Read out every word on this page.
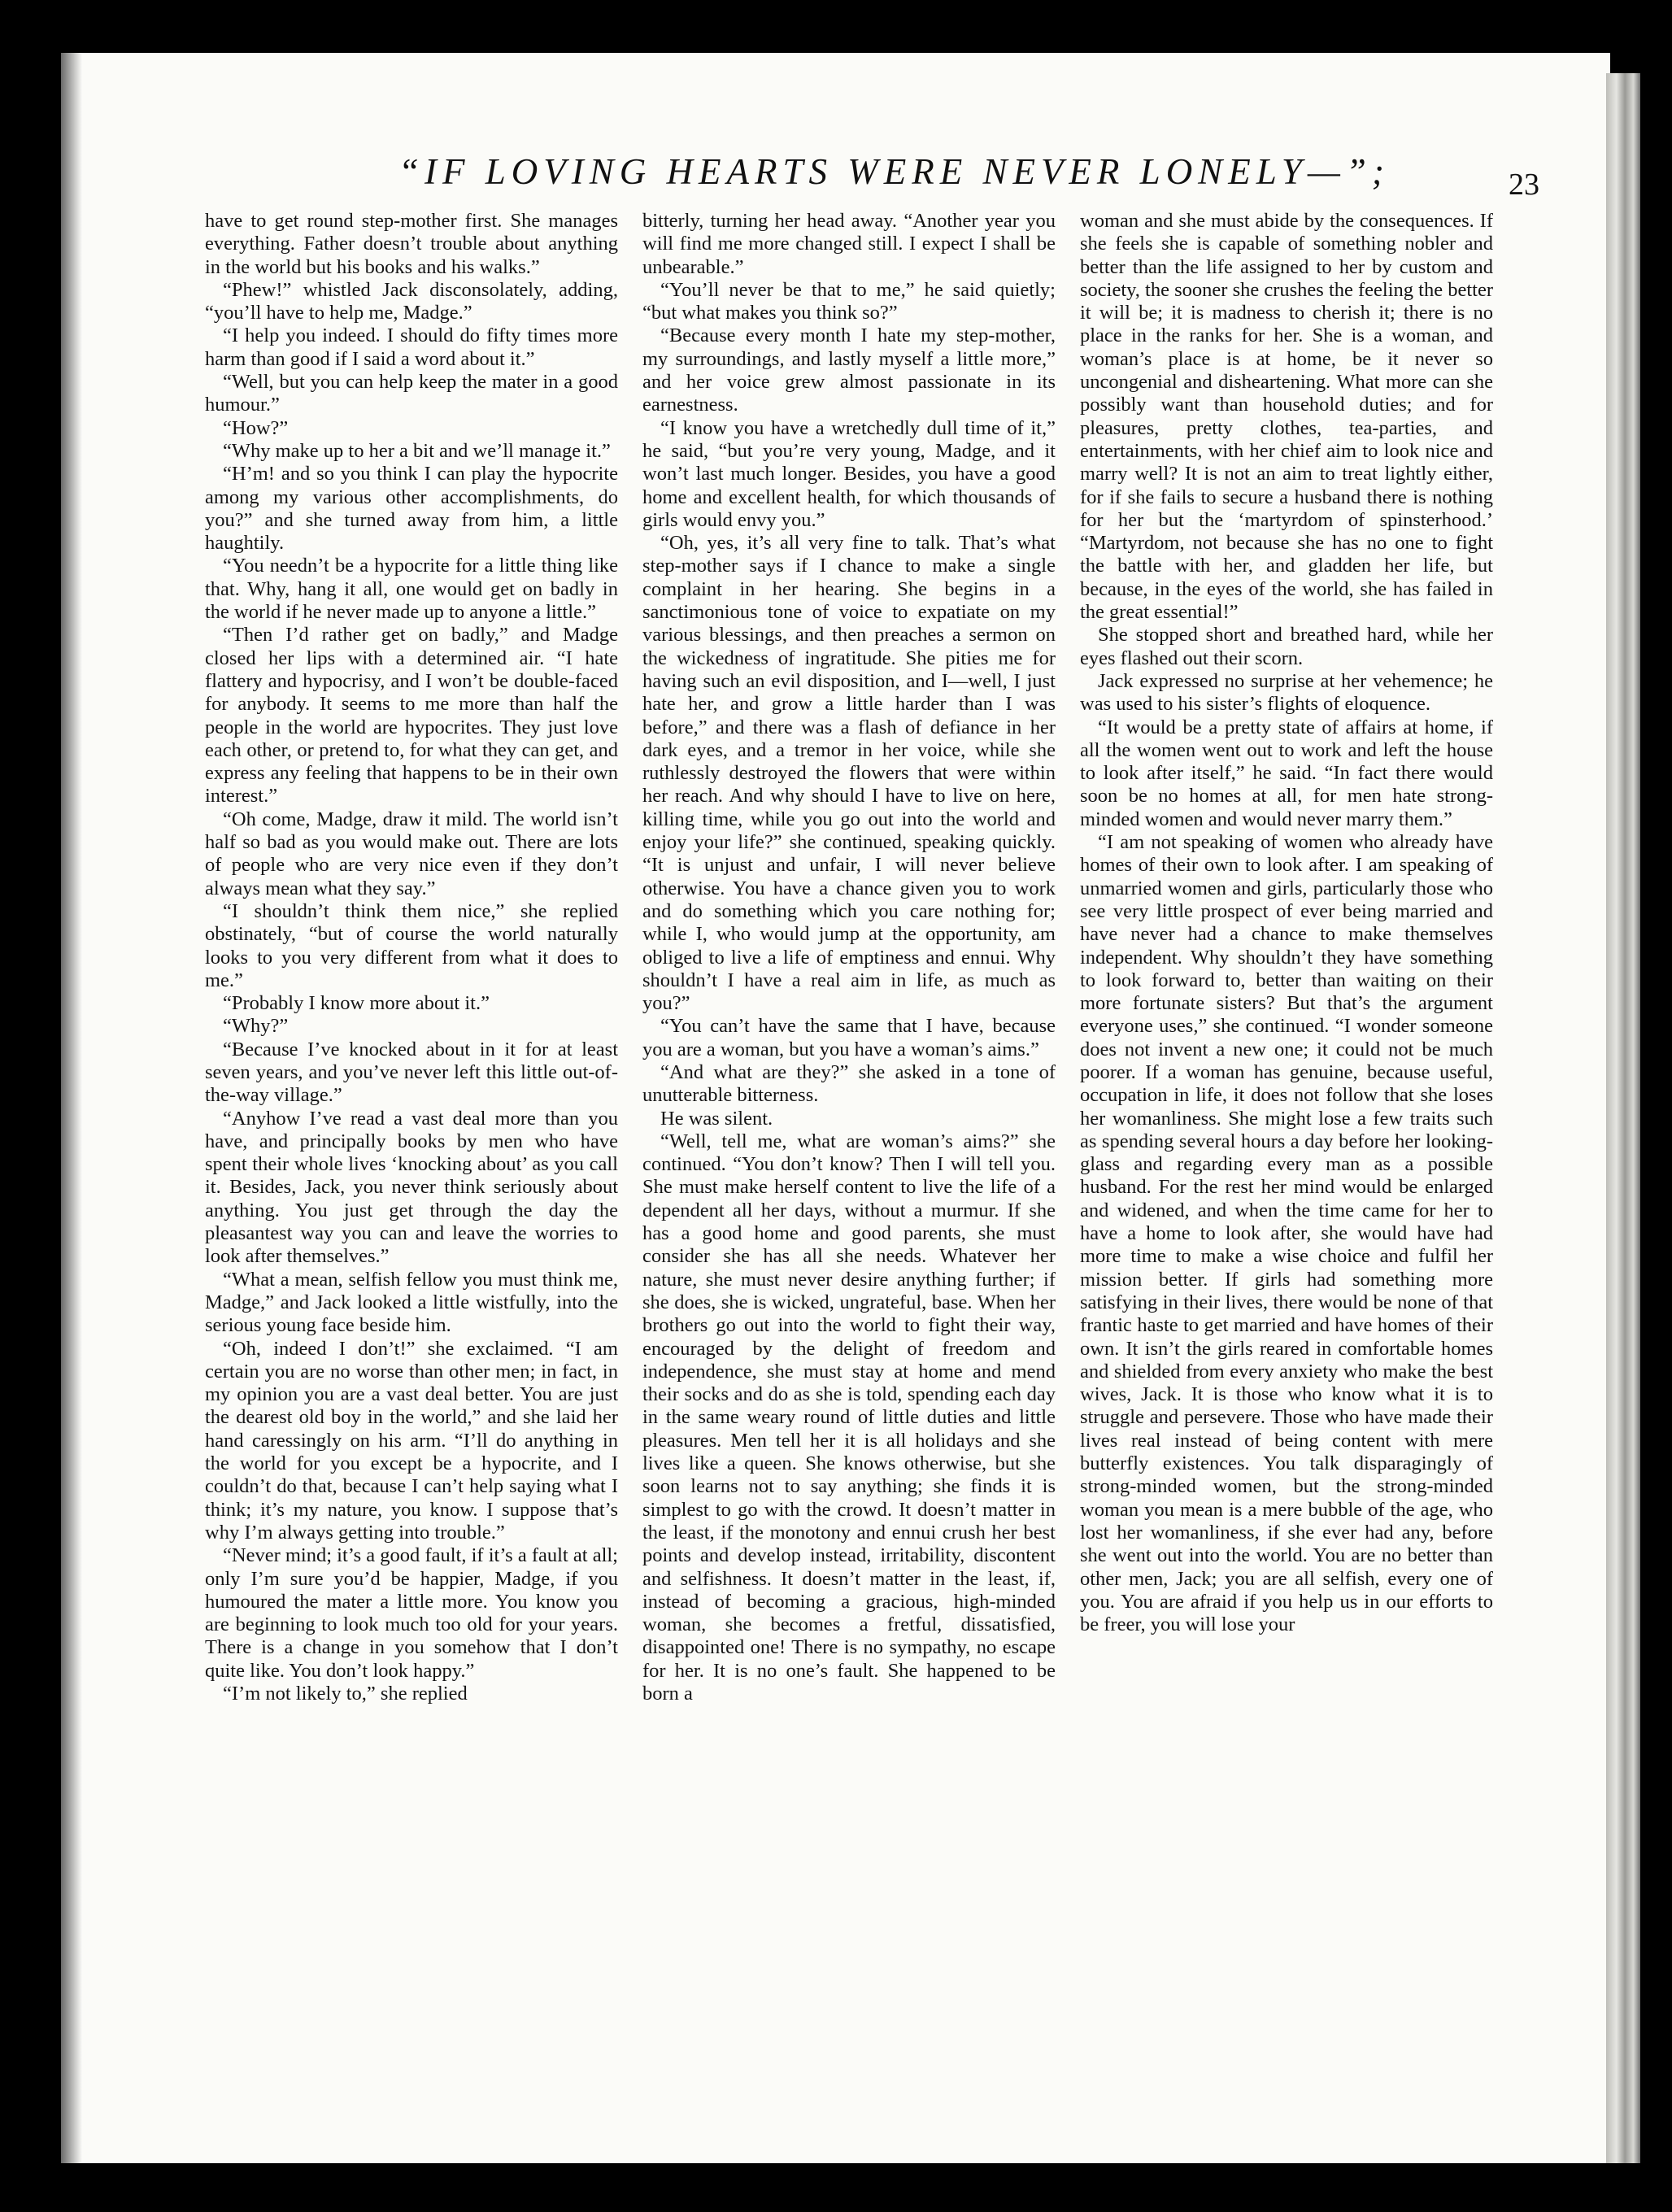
“IF LOVING HEARTS WERE NEVER LONELY—”;	23

have to get round step-mother first. She manages everything. Father doesn’t trouble about anything in the world but his books and his walks.”

“Phew!” whistled Jack disconsolately, adding, “you’ll have to help me, Madge.”

“I help you indeed. I should do fifty times more harm than good if I said a word about it.”

“Well, but you can help keep the mater in a good humour.”

“How?”

“Why make up to her a bit and we’ll manage it.”

“H’m! and so you think I can play the hypocrite among my various other accomplishments, do you?” and she turned away from him, a little haughtily.

“You needn’t be a hypocrite for a little thing like that. Why, hang it all, one would get on badly in the world if he never made up to anyone a little.”

“Then I’d rather get on badly,” and Madge closed her lips with a determined air. “I hate flattery and hypocrisy, and I won’t be double-faced for anybody. It seems to me more than half the people in the world are hypocrites. They just love each other, or pretend to, for what they can get, and express any feeling that happens to be in their own interest.”

“Oh come, Madge, draw it mild. The world isn’t half so bad as you would make out. There are lots of people who are very nice even if they don’t always mean what they say.”

“I shouldn’t think them nice,” she replied obstinately, “but of course the world naturally looks to you very different from what it does to me.”

“Probably I know more about it.”

“Why?”

“Because I’ve knocked about in it for at least seven years, and you’ve never left this little out-of-the-way village.”

“Anyhow I’ve read a vast deal more than you have, and principally books by men who have spent their whole lives ‘knocking about’ as you call it. Besides, Jack, you never think seriously about anything. You just get through the day the pleasantest way you can and leave the worries to look after themselves.”

“What a mean, selfish fellow you must think me, Madge,” and Jack looked a little wistfully, into the serious young face beside him.

“Oh, indeed I don’t!” she exclaimed. “I am certain you are no worse than other men; in fact, in my opinion you are a vast deal better. You are just the dearest old boy in the world,” and she laid her hand caressingly on his arm. “I’ll do anything in the world for you except be a hypocrite, and I couldn’t do that, because I can’t help saying what I think; it’s my nature, you know. I suppose that’s why I’m always getting into trouble.”

“Never mind; it’s a good fault, if it’s a fault at all; only I’m sure you’d be happier, Madge, if you humoured the mater a little more. You know you are beginning to look much too old for your years. There is a change in you somehow that I don’t quite like. You don’t look happy.”

“I’m not likely to,” she replied

bitterly, turning her head away. “Another year you will find me more changed still. I expect I shall be unbearable.”

“You’ll never be that to me,” he said quietly; “but what makes you think so?”

“Because every month I hate my step-mother, my surroundings, and lastly myself a little more,” and her voice grew almost passionate in its earnestness.

“I know you have a wretchedly dull time of it,” he said, “but you’re very young, Madge, and it won’t last much longer. Besides, you have a good home and excellent health, for which thousands of girls would envy you.”

“Oh, yes, it’s all very fine to talk. That’s what step-mother says if I chance to make a single complaint in her hearing. She begins in a sanctimonious tone of voice to expatiate on my various blessings, and then preaches a sermon on the wickedness of ingratitude. She pities me for having such an evil disposition, and I—well, I just hate her, and grow a little harder than I was before,” and there was a flash of defiance in her dark eyes, and a tremor in her voice, while she ruthlessly destroyed the flowers that were within her reach. And why should I have to live on here, killing time, while you go out into the world and enjoy your life?” she continued, speaking quickly. “It is unjust and unfair, I will never believe otherwise. You have a chance given you to work and do something which you care nothing for; while I, who would jump at the opportunity, am obliged to live a life of emptiness and ennui. Why shouldn’t I have a real aim in life, as much as you?”

“You can’t have the same that I have, because you are a woman, but you have a woman’s aims.”

“And what are they?” she asked in a tone of unutterable bitterness.

He was silent.

“Well, tell me, what are woman’s aims?” she continued. “You don’t know? Then I will tell you. She must make herself content to live the life of a dependent all her days, without a murmur. If she has a good home and good parents, she must consider she has all she needs. Whatever her nature, she must never desire anything further; if she does, she is wicked, ungrateful, base. When her brothers go out into the world to fight their way, encouraged by the delight of freedom and independence, she must stay at home and mend their socks and do as she is told, spending each day in the same weary round of little duties and little pleasures. Men tell her it is all holidays and she lives like a queen. She knows otherwise, but she soon learns not to say anything; she finds it is simplest to go with the crowd. It doesn’t matter in the least, if the monotony and ennui crush her best points and develop instead, irritability, discontent and selfishness. It doesn’t matter in the least, if, instead of becoming a gracious, high-minded woman, she becomes a fretful, dissatisfied, disappointed one! There is no sympathy, no escape for her. It is no one’s fault. She happened to be born a

woman and she must abide by the consequences. If she feels she is capable of something nobler and better than the life assigned to her by custom and society, the sooner she crushes the feeling the better it will be; it is madness to cherish it; there is no place in the ranks for her. She is a woman, and woman’s place is at home, be it never so uncongenial and disheartening. What more can she possibly want than household duties; and for pleasures, pretty clothes, tea-parties, and entertainments, with her chief aim to look nice and marry well? It is not an aim to treat lightly either, for if she fails to secure a husband there is nothing for her but the ‘martyrdom of spinsterhood.’ “Martyrdom, not because she has no one to fight the battle with her, and gladden her life, but because, in the eyes of the world, she has failed in the great essential!”

She stopped short and breathed hard, while her eyes flashed out their scorn.

Jack expressed no surprise at her vehemence; he was used to his sister’s flights of eloquence.

“It would be a pretty state of affairs at home, if all the women went out to work and left the house to look after itself,” he said. “In fact there would soon be no homes at all, for men hate strong-minded women and would never marry them.”

“I am not speaking of women who already have homes of their own to look after. I am speaking of unmarried women and girls, particularly those who see very little prospect of ever being married and have never had a chance to make themselves independent. Why shouldn’t they have something to look forward to, better than waiting on their more fortunate sisters? But that’s the argument everyone uses,” she continued. “I wonder someone does not invent a new one; it could not be much poorer. If a woman has genuine, because useful, occupation in life, it does not follow that she loses her womanliness. She might lose a few traits such as spending several hours a day before her looking-glass and regarding every man as a possible husband. For the rest her mind would be enlarged and widened, and when the time came for her to have a home to look after, she would have had more time to make a wise choice and fulfil her mission better. If girls had something more satisfying in their lives, there would be none of that frantic haste to get married and have homes of their own. It isn’t the girls reared in comfortable homes and shielded from every anxiety who make the best wives, Jack. It is those who know what it is to struggle and persevere. Those who have made their lives real instead of being content with mere butterfly existences. You talk disparagingly of strong-minded women, but the strong-minded woman you mean is a mere bubble of the age, who lost her womanliness, if she ever had any, before she went out into the world. You are no better than other men, Jack; you are all selfish, every one of you. You are afraid if you help us in our efforts to be freer, you will lose your
